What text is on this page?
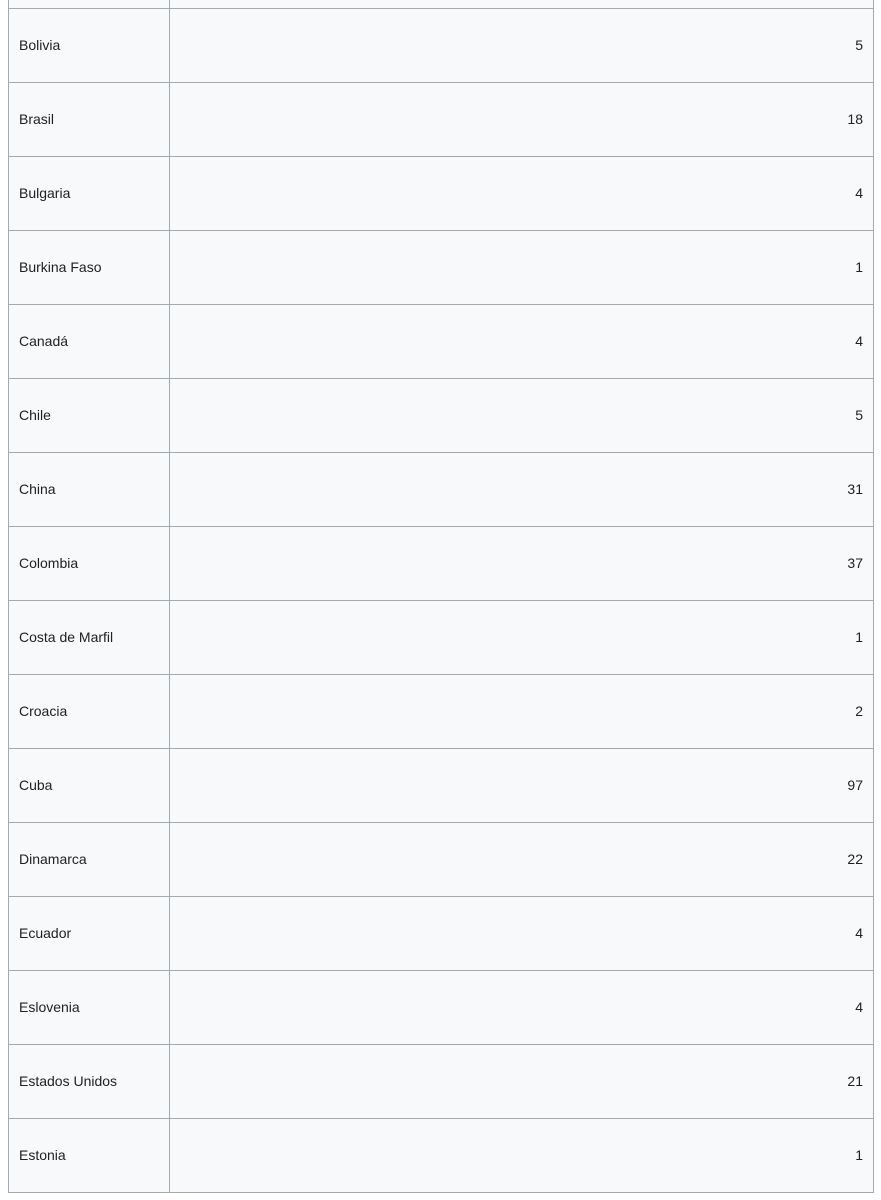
Bolivia	5
Brasil	18
Bulgaria	4
Burkina Faso	1
Canadá	4
Chile	5
China	31
Colombia	37
Costa de Marfil	1
Croacia	2
Cuba	97
Dinamarca	22
Ecuador	4
Eslovenia	4
Estados Unidos	21
Estonia	1
